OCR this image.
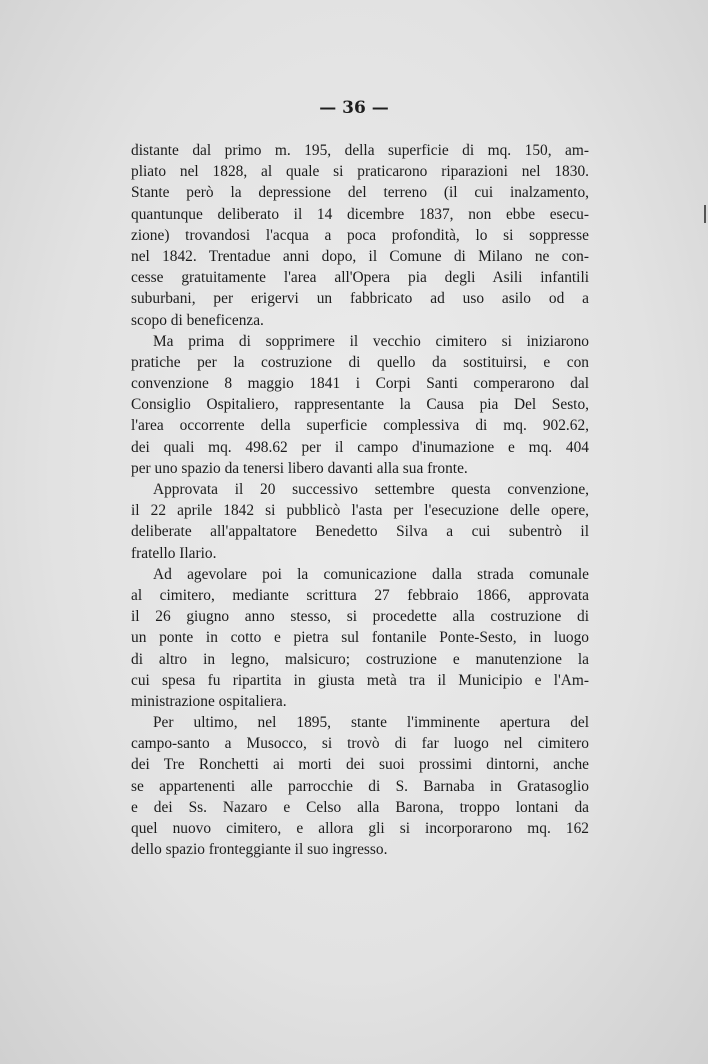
— 36 —
distante dal primo m. 195, della superficie di mq. 150, am-
pliato nel 1828, al quale si praticarono riparazioni nel 1830.
Stante però la depressione del terreno (il cui inalzamento,
quantunque deliberato il 14 dicembre 1837, non ebbe esecu-
zione) trovandosi l'acqua a poca profondità, lo si soppresse
nel 1842. Trentadue anni dopo, il Comune di Milano ne con-
cesse gratuitamente l'area all'Opera pia degli Asili infantili
suburbani, per erigervi un fabbricato ad uso asilo od a
scopo di beneficenza.
Ma prima di sopprimere il vecchio cimitero si iniziarono
pratiche per la costruzione di quello da sostituirsi, e con
convenzione 8 maggio 1841 i Corpi Santi comperarono dal
Consiglio Ospitaliero, rappresentante la Causa pia Del Sesto,
l'area occorrente della superficie complessiva di mq. 902.62,
dei quali mq. 498.62 per il campo d'inumazione e mq. 404
per uno spazio da tenersi libero davanti alla sua fronte.
Approvata il 20 successivo settembre questa convenzione,
il 22 aprile 1842 si pubblicò l'asta per l'esecuzione delle opere,
deliberate all'appaltatore Benedetto Silva a cui subentrò il
fratello Ilario.
Ad agevolare poi la comunicazione dalla strada comunale
al cimitero, mediante scrittura 27 febbraio 1866, approvata
il 26 giugno anno stesso, si procedette alla costruzione di
un ponte in cotto e pietra sul fontanile Ponte-Sesto, in luogo
di altro in legno, malsicuro; costruzione e manutenzione la
cui spesa fu ripartita in giusta metà tra il Municipio e l'Am-
ministrazione ospitaliera.
Per ultimo, nel 1895, stante l'imminente apertura del
campo-santo a Musocco, si trovò di far luogo nel cimitero
dei Tre Ronchetti ai morti dei suoi prossimi dintorni, anche
se appartenenti alle parrocchie di S. Barnaba in Gratasoglio
e dei Ss. Nazaro e Celso alla Barona, troppo lontani da
quel nuovo cimitero, e allora gli si incorporarono mq. 162
dello spazio fronteggiante il suo ingresso.
